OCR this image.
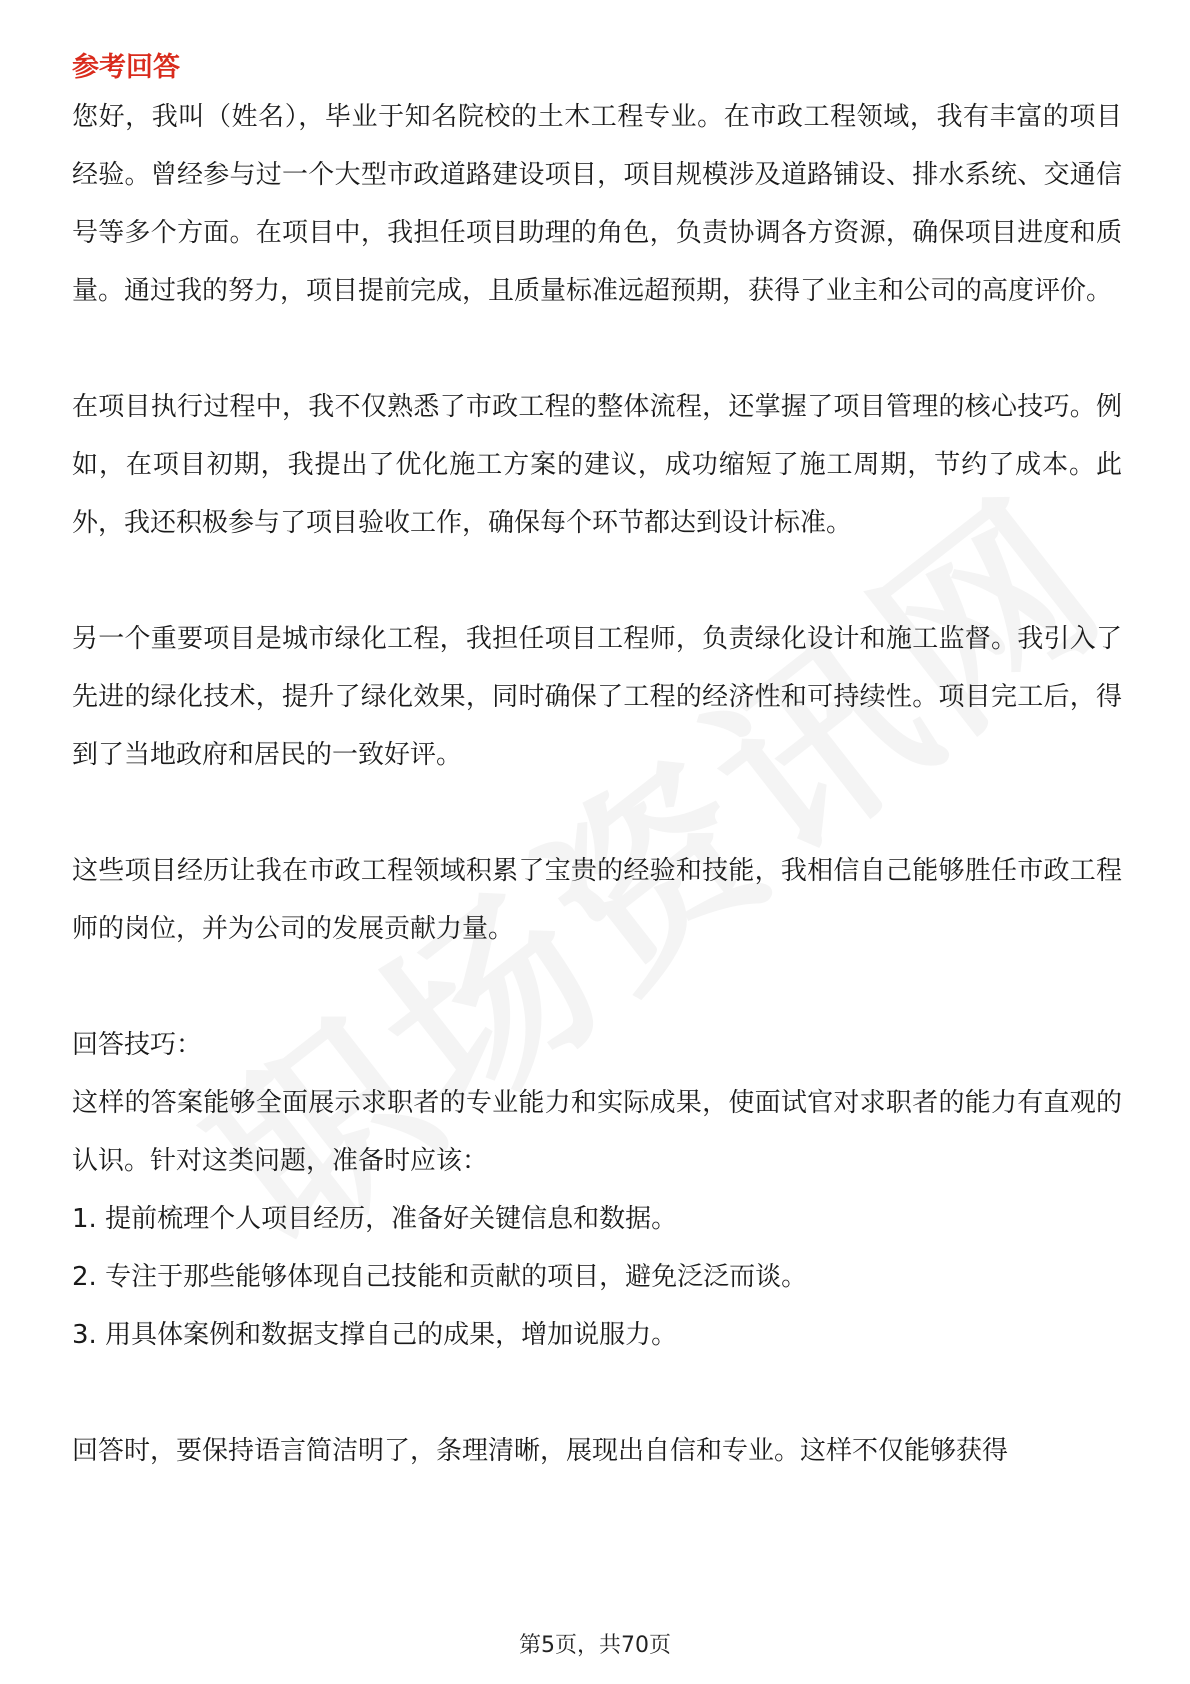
参考回答

您好，我叫（姓名），毕业于知名院校的土木工程专业。在市政工程领域，我有丰富的项目经验。曾经参与过一个大型市政道路建设项目，项目规模涉及道路铺设、排水系统、交通信号等多个方面。在项目中，我担任项目助理的角色，负责协调各方资源，确保项目进度和质量。通过我的努力，项目提前完成，且质量标准远超预期，获得了业主和公司的高度评价。

在项目执行过程中，我不仅熟悉了市政工程的整体流程，还掌握了项目管理的核心技巧。例如，在项目初期，我提出了优化施工方案的建议，成功缩短了施工周期，节约了成本。此外，我还积极参与了项目验收工作，确保每个环节都达到设计标准。

另一个重要项目是城市绿化工程，我担任项目工程师，负责绿化设计和施工监督。我引入了先进的绿化技术，提升了绿化效果，同时确保了工程的经济性和可持续性。项目完工后，得到了当地政府和居民的一致好评。

这些项目经历让我在市政工程领域积累了宝贵的经验和技能，我相信自己能够胜任市政工程师的岗位，并为公司的发展贡献力量。

回答技巧：

这样的答案能够全面展示求职者的专业能力和实际成果，使面试官对求职者的能力有直观的认识。针对这类问题，准备时应该：

1. 提前梳理个人项目经历，准备好关键信息和数据。

2. 专注于那些能够体现自己技能和贡献的项目，避免泛泛而谈。

3. 用具体案例和数据支撑自己的成果，增加说服力。

回答时，要保持语言简洁明了，条理清晰，展现出自信和专业。这样不仅能够获得

第5页，共70页
